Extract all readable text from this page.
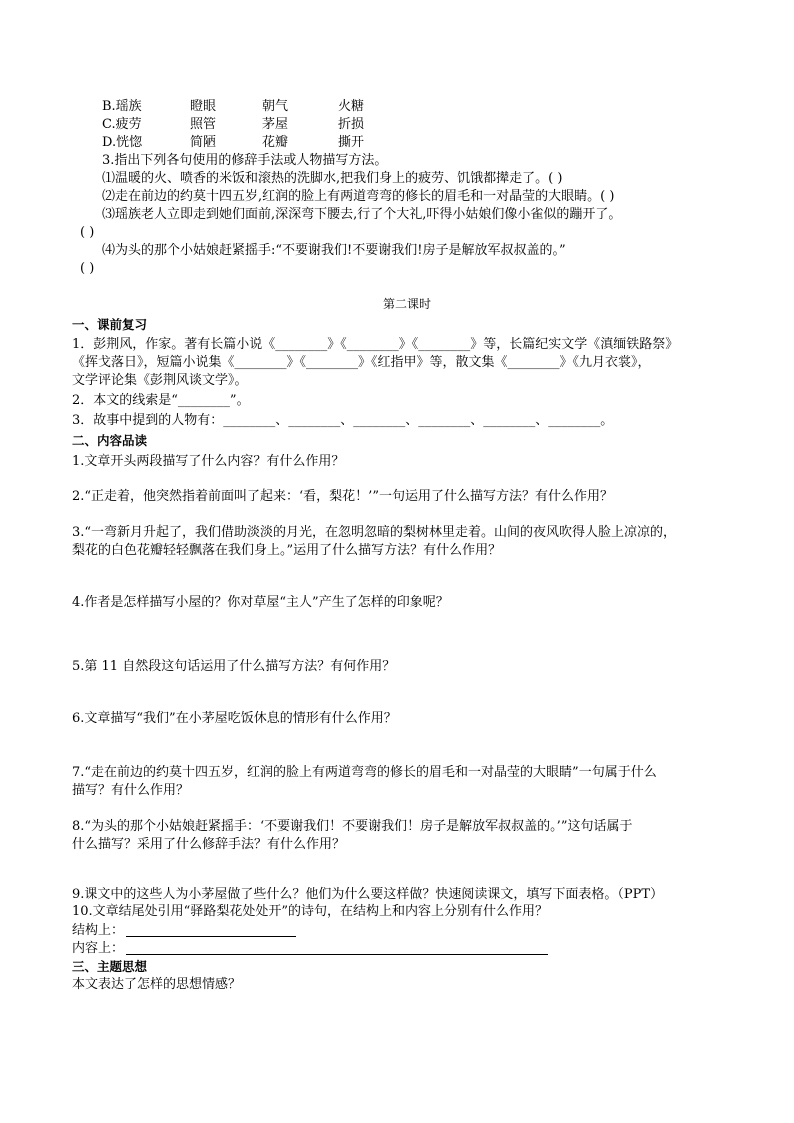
B.瑶族	瞪眼	朝气	火糖
C.疲劳	照管	茅屋	折损
D.恍惚	简陋	花瓣	撕开
3.指出下列各句使用的修辞手法或人物描写方法。
⑴温暖的火、喷香的米饭和滚热的洗脚水,把我们身上的疲劳、饥饿都撵走了。( )
⑵走在前边的约莫十四五岁,红润的脸上有两道弯弯的修长的眉毛和一对晶莹的大眼睛。( )
⑶瑶族老人立即走到她们面前,深深弯下腰去,行了个大礼,吓得小姑娘们像小雀似的蹦开了。
( )
⑷为头的那个小姑娘赶紧摇手:“不要谢我们!不要谢我们!房子是解放军叔叔盖的。”
( )
第二课时
一、课前复习
1．彭荆风，作家。著有长篇小说《________》《________》《________》等，长篇纪实文学《滇缅铁路祭》
《挥戈落日》，短篇小说集《________》《________》《红指甲》等，散文集《________》《九月衣裳》，
文学评论集《彭荆风谈文学》。
2．本文的线索是“________”。
3．故事中提到的人物有：________、________、________、________、________、________。
二、内容品读
1.文章开头两段描写了什么内容？有什么作用？
2.“正走着，他突然指着前面叫了起来：‘看，梨花！’”一句运用了什么描写方法？有什么作用？
3.“一弯新月升起了，我们借助淡淡的月光，在忽明忽暗的梨树林里走着。山间的夜风吹得人脸上凉凉的，
梨花的白色花瓣轻轻飘落在我们身上。”运用了什么描写方法？有什么作用？
4.作者是怎样描写小屋的？你对草屋“主人”产生了怎样的印象呢？
5.第 11 自然段这句话运用了什么描写方法？有何作用？
6.文章描写“我们”在小茅屋吃饭休息的情形有什么作用？
7.“走在前边的约莫十四五岁，红润的脸上有两道弯弯的修长的眉毛和一对晶莹的大眼睛”一句属于什么
描写？有什么作用？
8.“为头的那个小姑娘赶紧摇手：‘不要谢我们！不要谢我们！房子是解放军叔叔盖的。’”这句话属于
什么描写？采用了什么修辞手法？有什么作用？
9.课文中的这些人为小茅屋做了些什么？他们为什么要这样做？快速阅读课文，填写下面表格。（PPT）
10.文章结尾处引用“驿路梨花处处开”的诗句，在结构上和内容上分别有什么作用？
结构上：
内容上：
三、主题思想
本文表达了怎样的思想情感？
